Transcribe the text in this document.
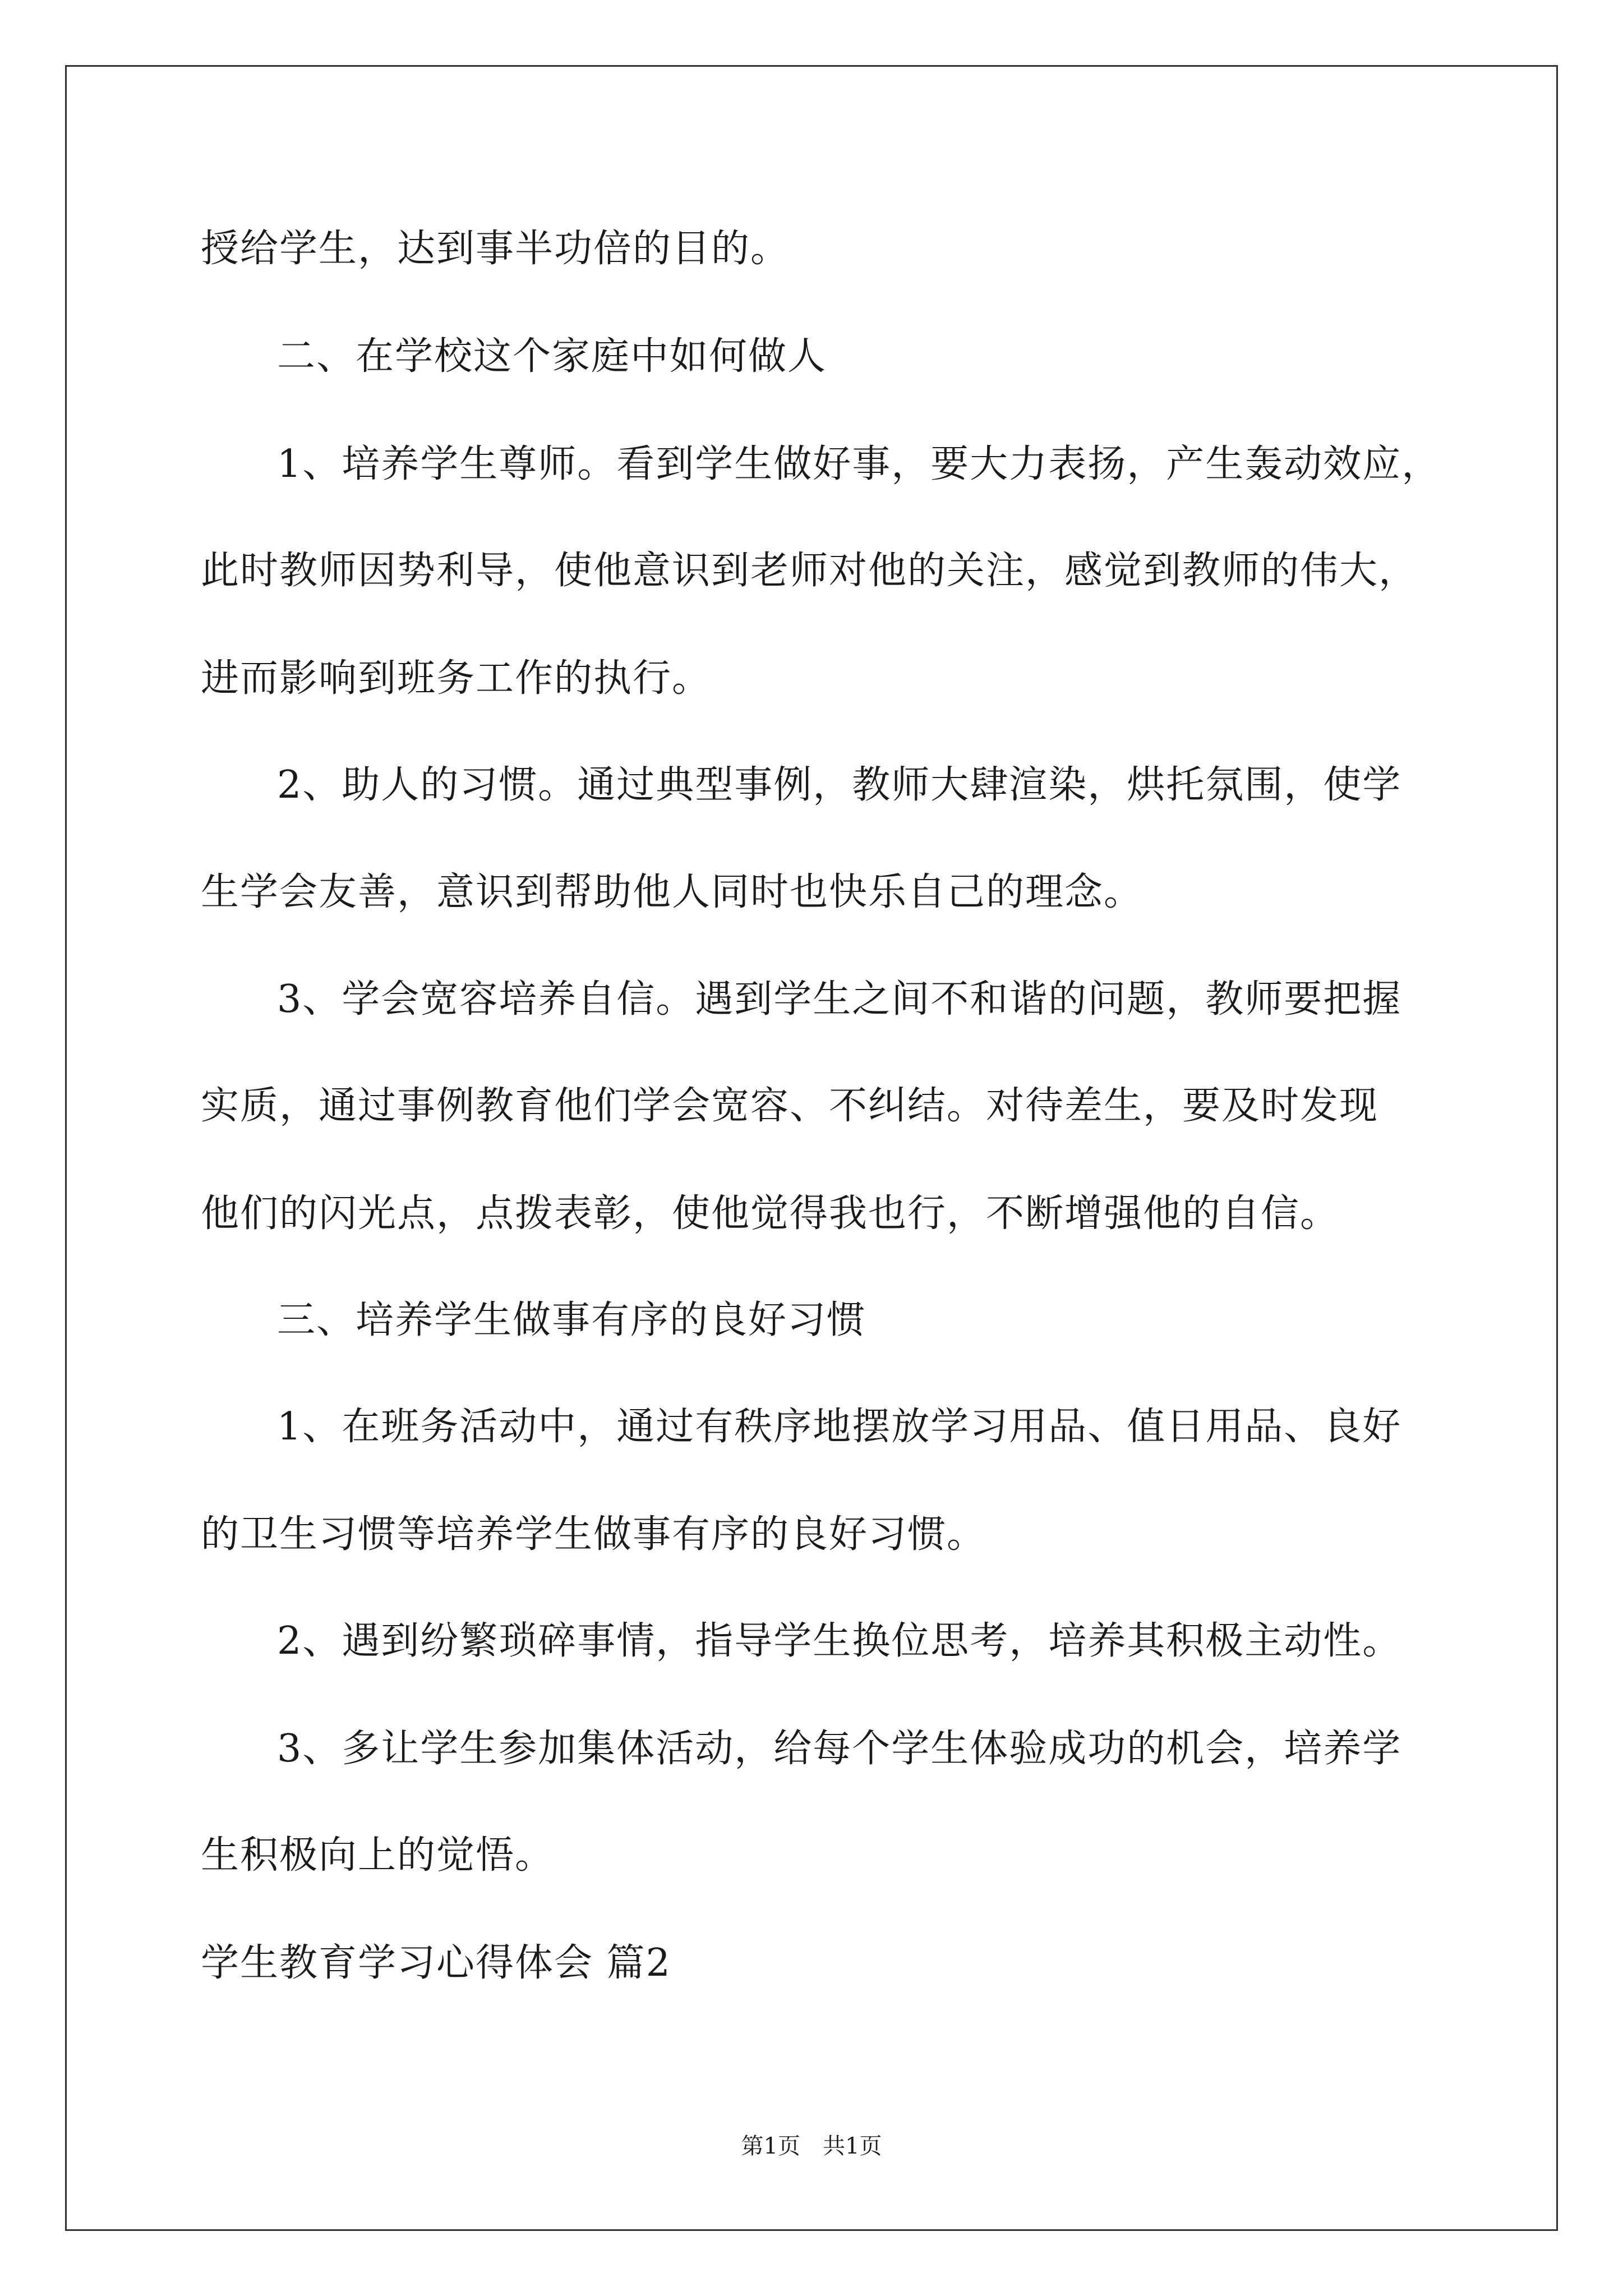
授给学生，达到事半功倍的目的。
二、在学校这个家庭中如何做人
1、培养学生尊师。看到学生做好事，要大力表扬，产生轰动效应，
此时教师因势利导，使他意识到老师对他的关注，感觉到教师的伟大，
进而影响到班务工作的执行。
2、助人的习惯。通过典型事例，教师大肆渲染，烘托氛围，使学
生学会友善，意识到帮助他人同时也快乐自己的理念。
3、学会宽容培养自信。遇到学生之间不和谐的问题，教师要把握
实质，通过事例教育他们学会宽容、不纠结。对待差生，要及时发现
他们的闪光点，点拨表彰，使他觉得我也行，不断增强他的自信。
三、培养学生做事有序的良好习惯
1、在班务活动中，通过有秩序地摆放学习用品、值日用品、良好
的卫生习惯等培养学生做事有序的良好习惯。
2、遇到纷繁琐碎事情，指导学生换位思考，培养其积极主动性。
3、多让学生参加集体活动，给每个学生体验成功的机会，培养学
生积极向上的觉悟。
学生教育学习心得体会 篇2
第1页　共1页
